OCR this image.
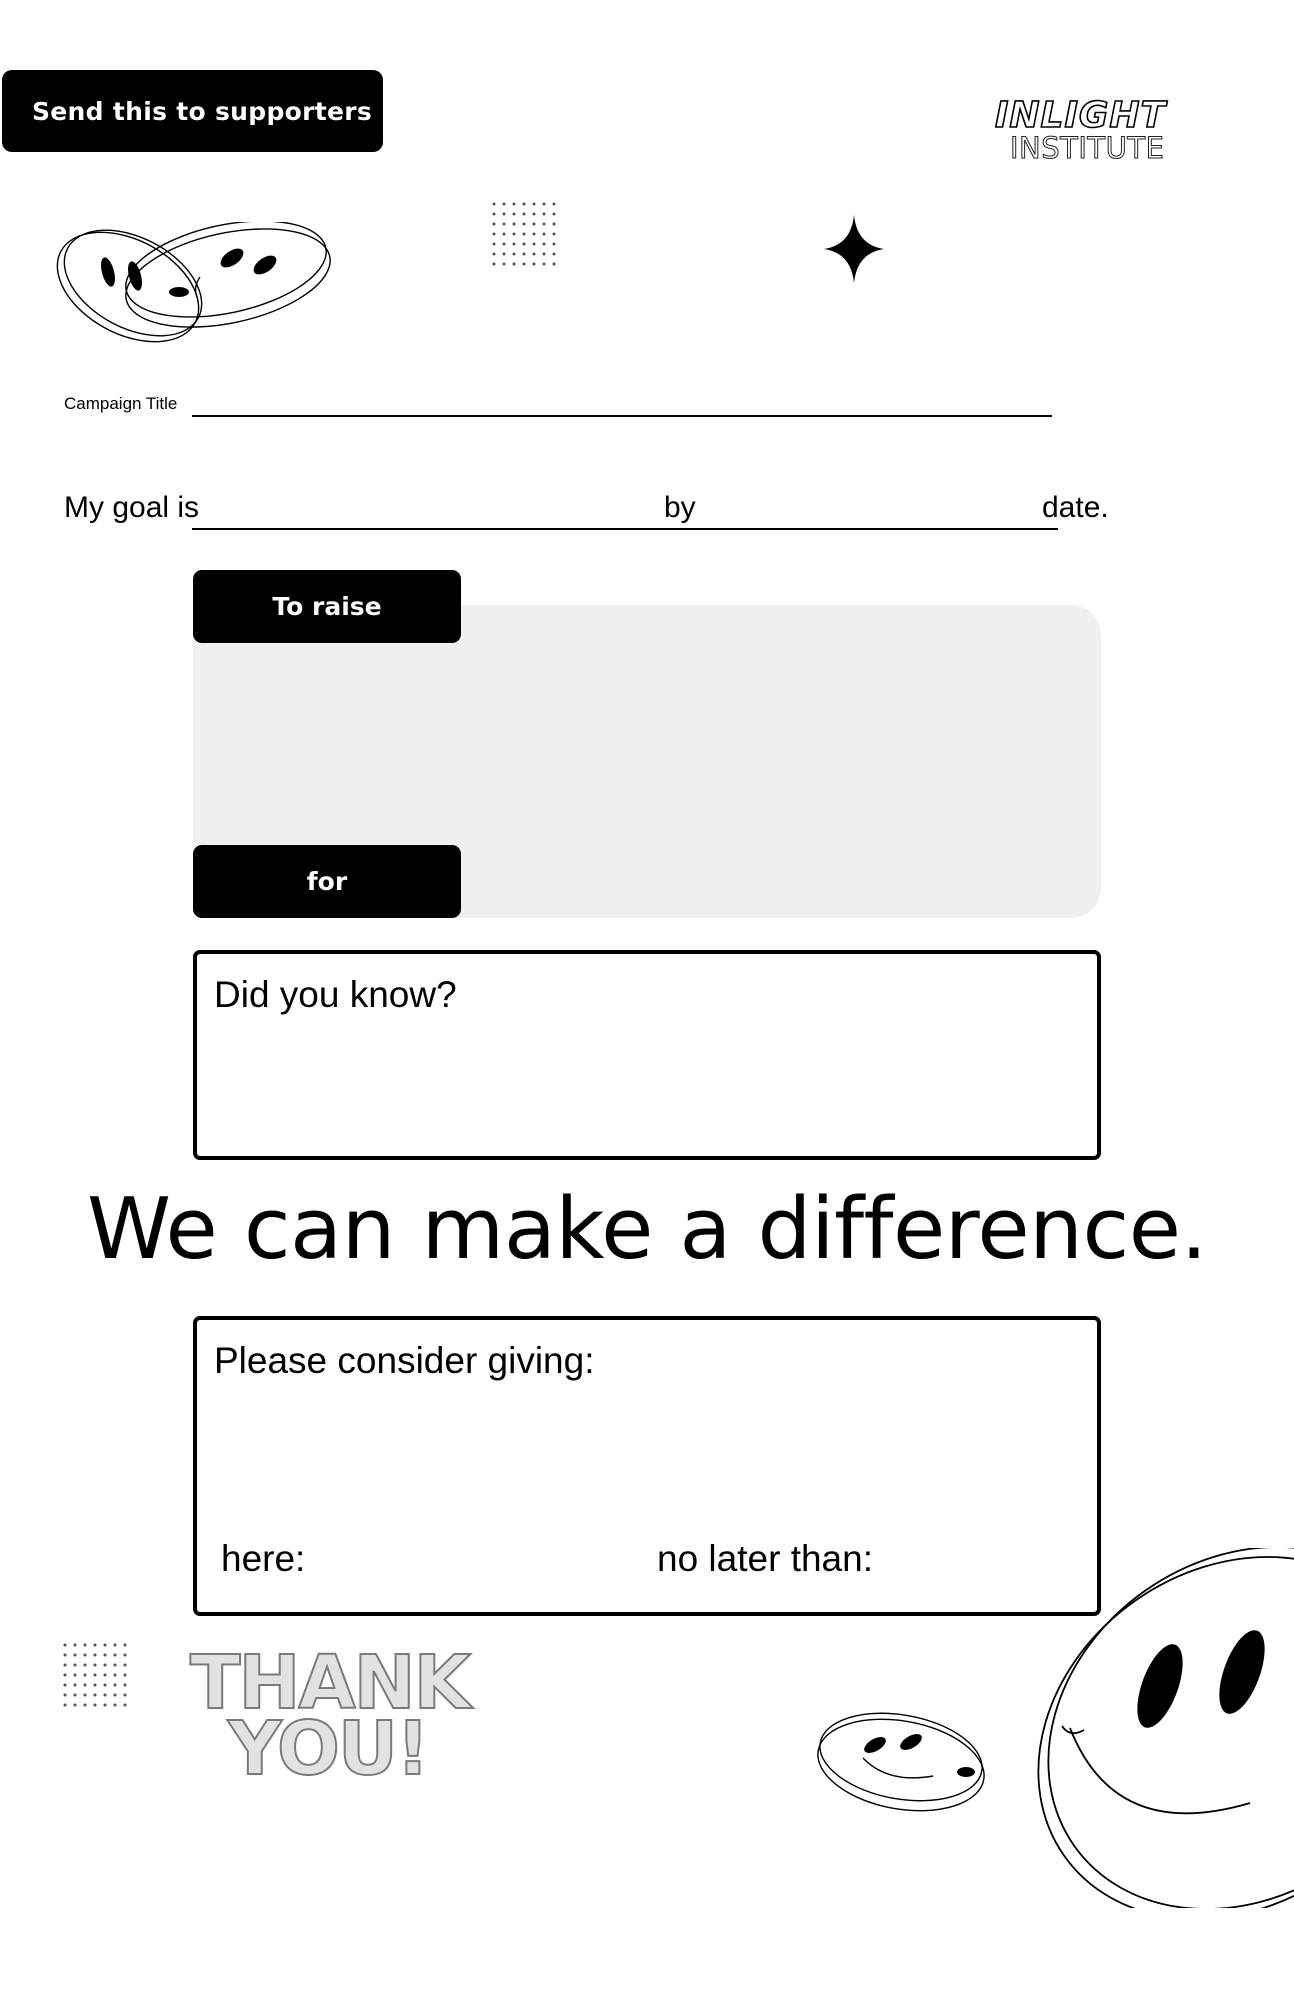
Send this to supporters	INLIGHT
INSTITUTE
Campaign Title
My goal is	by	date.
To raise
for
Did you know?
We can make a difference.
Please consider giving:
here:	no later than:
THANK
YOU!
